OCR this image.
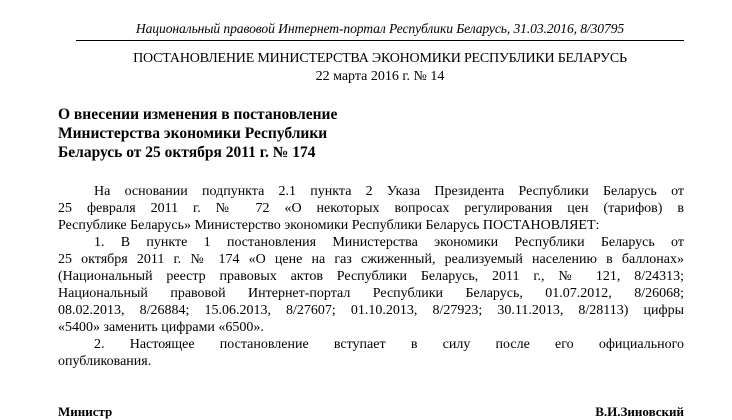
Национальный правовой Интернет-портал Республики Беларусь, 31.03.2016, 8/30795
ПОСТАНОВЛЕНИЕ МИНИСТЕРСТВА ЭКОНОМИКИ РЕСПУБЛИКИ БЕЛАРУСЬ
22 марта 2016 г. № 14
О внесении изменения в постановление
Министерства экономики Республики
Беларусь от 25 октября 2011 г. № 174
На основании подпункта 2.1 пункта 2 Указа Президента Республики Беларусь от
25 февраля 2011 г. № 72 «О некоторых вопросах регулирования цен (тарифов) в
Республике Беларусь» Министерство экономики Республики Беларусь ПОСТАНОВЛЯЕТ:
1. В пункте 1 постановления Министерства экономики Республики Беларусь от
25 октября 2011 г. № 174 «О цене на газ сжиженный, реализуемый населению в баллонах»
(Национальный реестр правовых актов Республики Беларусь, 2011 г., № 121, 8/24313;
Национальный правовой Интернет-портал Республики Беларусь, 01.07.2012, 8/26068;
08.02.2013, 8/26884; 15.06.2013, 8/27607; 01.10.2013, 8/27923; 30.11.2013, 8/28113) цифры
«5400» заменить цифрами «6500».
2. Настоящее постановление вступает в силу после его официального
опубликования.
Министр	В.И.Зиновский
